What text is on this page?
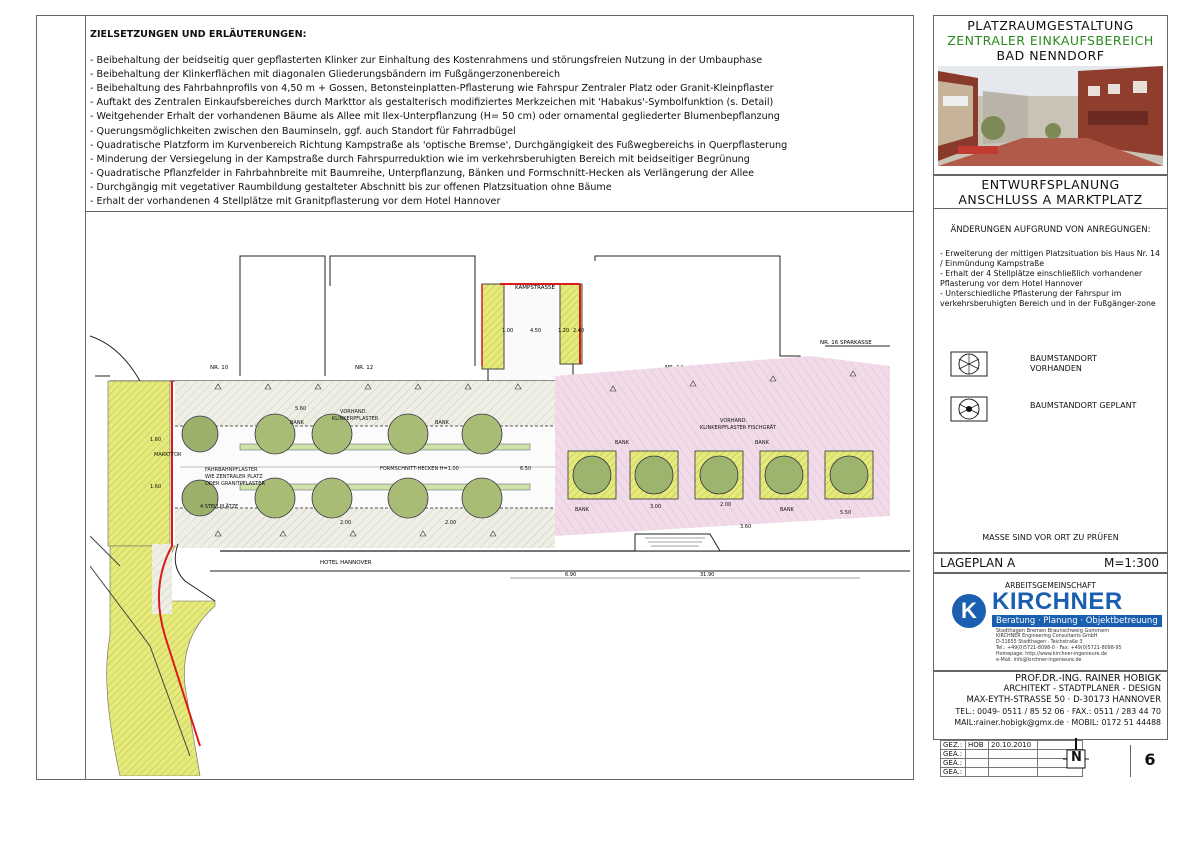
ZIELSETZUNGEN UND ERLÄUTERUNGEN:
- Beibehaltung der beidseitig quer gepflasterten Klinker zur Einhaltung des Kostenrahmens und störungsfreien Nutzung in der Umbauphase
- Beibehaltung der Klinkerflächen mit diagonalen Gliederungsbändern im Fußgängerzonenbereich
- Beibehaltung des Fahrbahnprofils von 4,50 m + Gossen, Betonsteinplatten-Pflasterung wie Fahrspur Zentraler Platz oder Granit-Kleinpflaster
- Auftakt des Zentralen Einkaufsbereiches durch Markttor als gestalterisch modifiziertes Merkzeichen mit 'Habakus'-Symbolfunktion (s. Detail)
- Weitgehender Erhalt der vorhandenen Bäume als Allee mit Ilex-Unterpflanzung (H= 50 cm) oder ornamental gegliederter Blumenbepflanzung
- Querungsmöglichkeiten zwischen den Bauminseln, ggf. auch Standort für Fahrradbügel
- Quadratische Platzform im Kurvenbereich Richtung Kampstraße als 'optische Bremse', Durchgängigkeit des Fußwegbereichs in Querpflasterung
- Minderung der Versiegelung in der Kampstraße durch Fahrspurreduktion wie im verkehrsberuhigten Bereich mit beidseitiger Begrünung
- Quadratische Pflanzfelder in Fahrbahnbreite mit Baumreihe, Unterpflanzung, Bänken und Formschnitt-Hecken als Verlängerung der Allee
- Durchgängig mit vegetativer Raumbildung gestalteter Abschnitt bis zur offenen Platzsituation ohne Bäume
- Erhalt der vorhandenen 4 Stellplätze mit Granitpflasterung vor dem Hotel Hannover
KAMPSTRASSE
1.00	4.50	1.20 2.40
NR. 10	NR. 12
NR. 16 SPARKASSE
HOTEL HANNOVER
6.90	31.90
1.60
1.60
MARKTTOR
FAHRBAHNPFLASTER
WIE ZENTRALER PLATZ
ODER GRANITPFLASTER
4 STELLPLÄTZE
FORMSCHNITT-HECKEN H=1.00
VORHAND.
KLINKERPFLASTER	VORHAND.
KLINKERPFLASTER FISCHGRÄT
BANK	BANK
BANK	BANK
BANK	BANK
5.60
2.00	2.00
6.50
2.00
3.00
3.60
5.50
PLATZRAUMGESTALTUNG
ZENTRALER EINKAUFSBEREICH
BAD NENNDORF
ENTWURFSPLANUNG
ANSCHLUSS A MARKTPLATZ
ÄNDERUNGEN AUFGRUND VON ANREGUNGEN:
- Erweiterung der mittigen Platzsituation bis Haus Nr. 14 / Einmündung Kampstraße
- Erhalt der 4 Stellplätze einschließlich vorhandener Pflasterung vor dem Hotel Hannover
- Unterschiedliche Pflasterung der Fahrspur im verkehrsberuhigten Bereich und in der Fußgänger-zone
BAUMSTANDORT VORHANDEN
BAUMSTANDORT GEPLANT
MASSE SIND VOR ORT ZU PRÜFEN
LAGEPLAN A	M=1:300
ARBEITSGEMEINSCHAFT
K KIRCHNER
Beratung · Planung · Objektbetreuung
Stadthagen Bremen Braunschweig Gommern
KIRCHNER Engineering Consultants GmbH
D-31655 Stadthagen · Teichstraße 3
Tel.: +49(0)5721-8098-0 · Fax: +49(0)5721-8098-95
Homepage: http://www.kirchner-ingenieure.de
e-Mail: info@kirchner-ingenieure.de
PROF.DR.-ING. RAINER HOBIGK
ARCHITEKT - STADTPLANER - DESIGN
MAX-EYTH-STRASSE 50 · D-30173 HANNOVER
TEL.: 0049- 0511 / 85 52 06 · FAX.: 0511 / 283 44 70
MAIL:rainer.hobigk@gmx.de · MOBIL: 0172 51 44488
GEZ.:	HOB	20.10.2010	
GEÄ.:			
GEÄ.:			
GEÄ.:			
N	6
